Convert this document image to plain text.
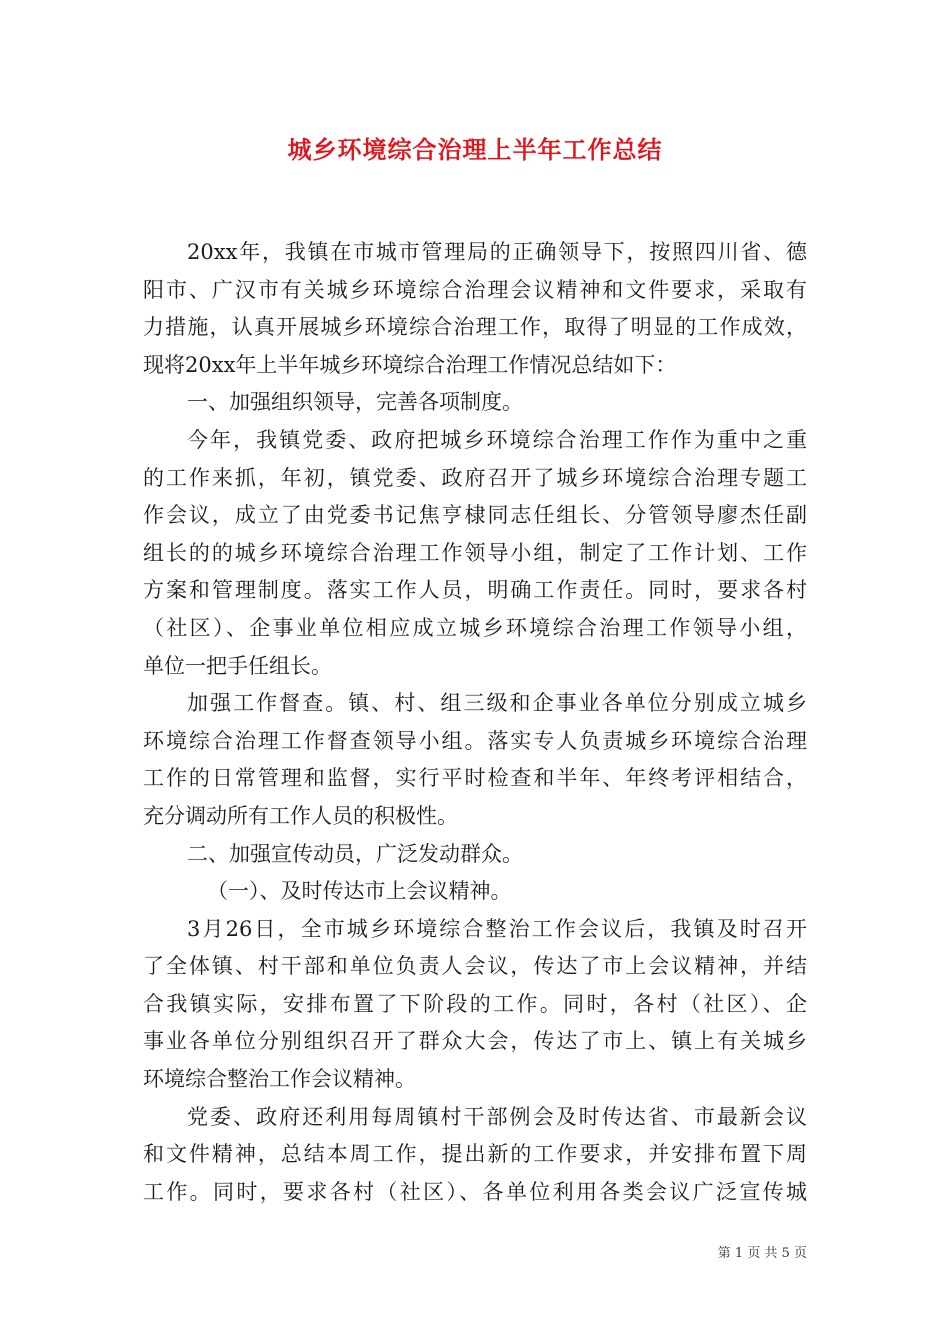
城乡环境综合治理上半年工作总结
20xx年，我镇在市城市管理局的正确领导下，按照四川省、德
阳市、广汉市有关城乡环境综合治理会议精神和文件要求，采取有
力措施，认真开展城乡环境综合治理工作，取得了明显的工作成效，
现将20xx年上半年城乡环境综合治理工作情况总结如下：
一、加强组织领导，完善各项制度。
今年，我镇党委、政府把城乡环境综合治理工作作为重中之重
的工作来抓，年初，镇党委、政府召开了城乡环境综合治理专题工
作会议，成立了由党委书记焦亨棣同志任组长、分管领导廖杰任副
组长的的城乡环境综合治理工作领导小组，制定了工作计划、工作
方案和管理制度。落实工作人员，明确工作责任。同时，要求各村
（社区）、企事业单位相应成立城乡环境综合治理工作领导小组，
单位一把手任组长。
加强工作督查。镇、村、组三级和企事业各单位分别成立城乡
环境综合治理工作督查领导小组。落实专人负责城乡环境综合治理
工作的日常管理和监督，实行平时检查和半年、年终考评相结合，
充分调动所有工作人员的积极性。
二、加强宣传动员，广泛发动群众。
（一）、及时传达市上会议精神。
3月26日，全市城乡环境综合整治工作会议后，我镇及时召开
了全体镇、村干部和单位负责人会议，传达了市上会议精神，并结
合我镇实际，安排布置了下阶段的工作。同时，各村（社区）、企
事业各单位分别组织召开了群众大会，传达了市上、镇上有关城乡
环境综合整治工作会议精神。
党委、政府还利用每周镇村干部例会及时传达省、市最新会议
和文件精神，总结本周工作，提出新的工作要求，并安排布置下周
工作。同时，要求各村（社区）、各单位利用各类会议广泛宣传城
第 1 页 共 5 页
